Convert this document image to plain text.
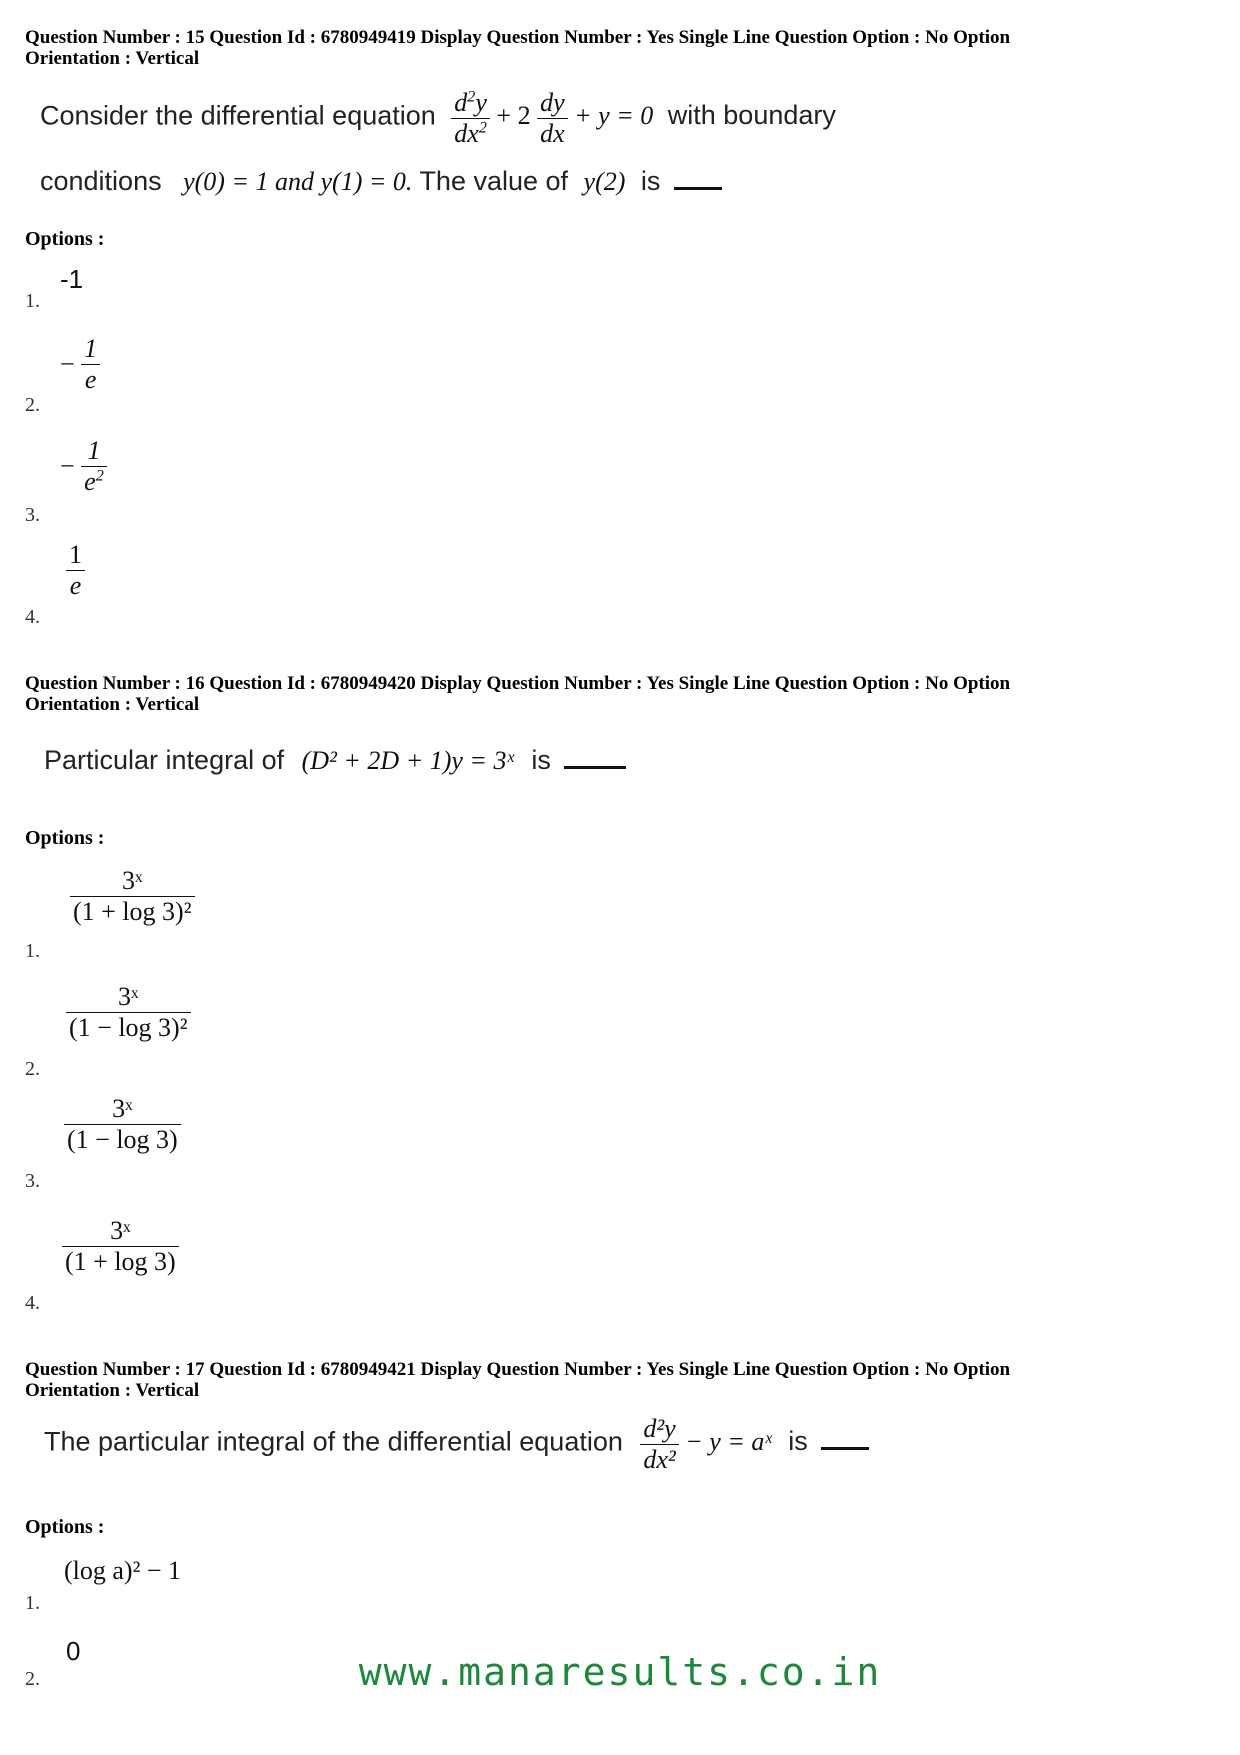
Question Number : 15 Question Id : 6780949419 Display Question Number : Yes Single Line Question Option : No Option
Orientation : Vertical
Consider the differential equation $\frac{d^2y}{dx^2} + 2 \frac{dy}{dx} + y = 0$ with boundary
conditions y(0) = 1 and y(1) = 0. The value of y(2) is
Options :
1.
-1
2.
− $\frac{1}{e}$
3.
− $\frac{1}{e^2}$
4.
$\frac{1}{e}$
Question Number : 16 Question Id : 6780949420 Display Question Number : Yes Single Line Question Option : No Option
Orientation : Vertical
Particular integral of (D² + 2D + 1)y = 3ˣ is
Options :
1.
$\frac{\text{3ˣ}}{\text{(1 + log 3)²}}$
2.
$\frac{\text{3ˣ}}{\text{(1 − log 3)²}}$
3.
$\frac{\text{3ˣ}}{(1 - \log 3)}$
4.
$\frac{\text{3ˣ}}{(1 + \log 3)}$
Question Number : 17 Question Id : 6780949421 Display Question Number : Yes Single Line Question Option : No Option
Orientation : Vertical
The particular integral of the differential equation $\frac{\text{d²y}}{\text{dx²}} - y$ = aˣ is
Options :
1.
(log a)² − 1
2.
0	www.manaresults.co.in
